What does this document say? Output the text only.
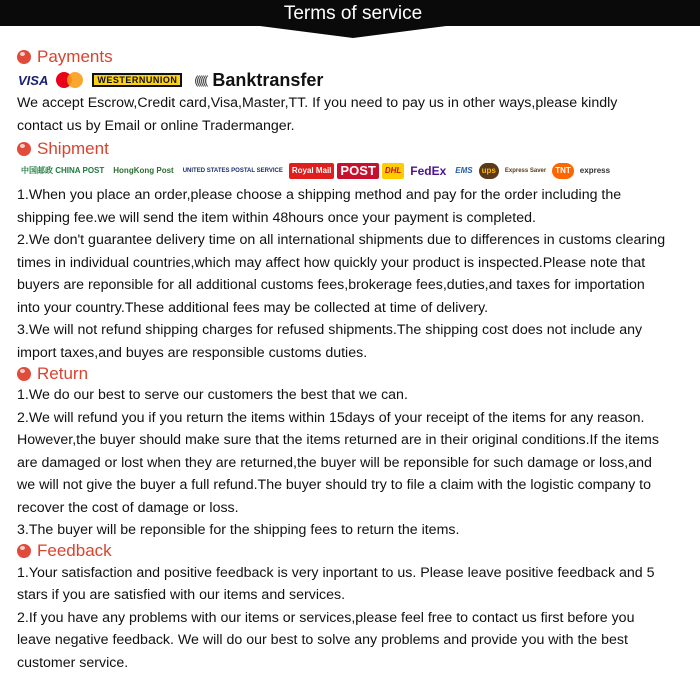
Terms of service
Payments
VISA	WESTERN UNION (((((( Banktransfer

We accept Escrow,Credit card,Visa,Master,TT. If you need to pay us in other ways,please kindly

contact us by Email or online Tradermanger.

Shipment
中国邮政 CHINA POST	HongKong Post	UNITED STATES POSTAL SERVICE	Royal Mail POST	DHL FedEx	EMS	ups	Express Saver	TNT	express

1.When you place an order,please choose a shipping method and pay for the order including the

shipping fee.we will send the item within 48hours once your payment is completed.

2.We don't guarantee delivery time on all international shipments due to differences in customs clearing

times in individual countries,which may affect how quickly your product is inspected.Please note that

buyers are reponsible for all additional customs fees,brokerage fees,duties,and taxes for importation

into your country.These additional fees may be collected at time of delivery.

3.We will not refund shipping charges for refused shipments.The shipping cost does not include any

import taxes,and buyes are responsible customs duties.

Return

1.We do our best to serve our customers the best that we can.

2.We will refund you if you return the items within 15days of your receipt of the items for any reason.

However,the buyer should make sure that the items returned are in their original conditions.If the items

are damaged or lost when they are returned,the buyer will be reponsible for such damage or loss,and

we will not give the buyer a full refund.The buyer should try to file a claim with the logistic company to

recover the cost of damage or loss.

3.The buyer will be reponsible for the shipping fees to return the items.

Feedback

1.Your satisfaction and positive feedback is very inportant to us. Please leave positive feedback and 5

stars if you are satisfied with our items and services.

2.If you have any problems with our items or services,please feel free to contact us first before you

leave negative feedback. We will do our best to solve any problems and provide you with the best

customer service.
